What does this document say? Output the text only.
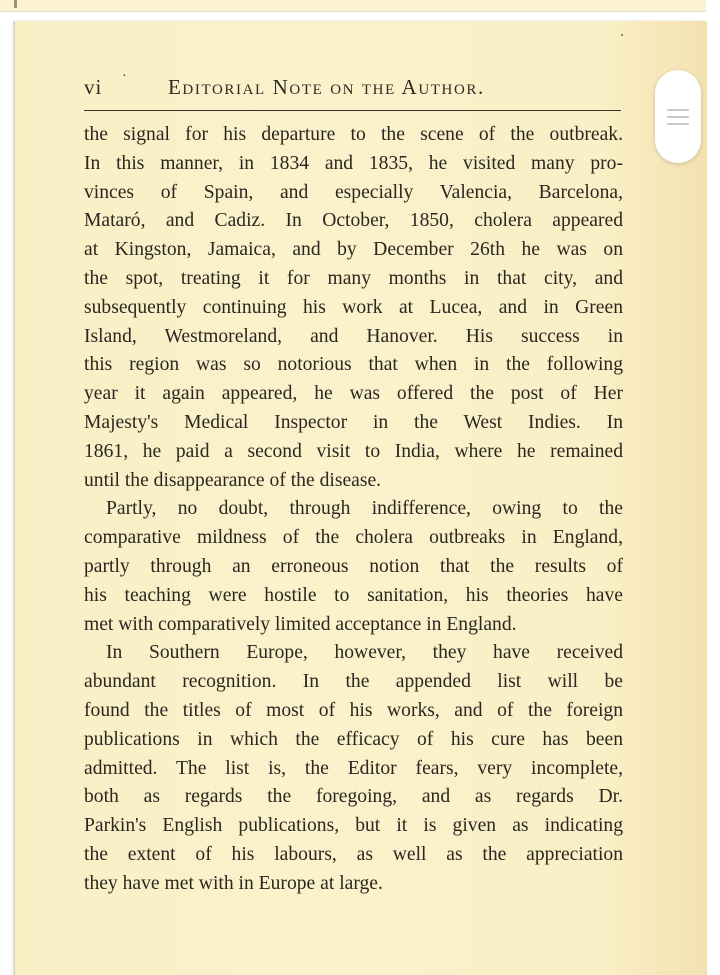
vi · Editorial Note on the Author.

the signal for his departure to the scene of the outbreak.
In this manner, in 1834 and 1835, he visited many pro-
vinces of Spain, and especially Valencia, Barcelona,
Mataró, and Cadiz. In October, 1850, cholera appeared
at Kingston, Jamaica, and by December 26th he was on
the spot, treating it for many months in that city, and
subsequently continuing his work at Lucea, and in Green
Island, Westmoreland, and Hanover. His success in
this region was so notorious that when in the following
year it again appeared, he was offered the post of Her
Majesty's Medical Inspector in the West Indies. In
1861, he paid a second visit to India, where he remained
until the disappearance of the disease.

Partly, no doubt, through indifference, owing to the
comparative mildness of the cholera outbreaks in England,
partly through an erroneous notion that the results of
his teaching were hostile to sanitation, his theories have
met with comparatively limited acceptance in England.

In Southern Europe, however, they have received
abundant recognition. In the appended list will be
found the titles of most of his works, and of the foreign
publications in which the efficacy of his cure has been
admitted. The list is, the Editor fears, very incomplete,
both as regards the foregoing, and as regards Dr.
Parkin's English publications, but it is given as indicating
the extent of his labours, as well as the appreciation
they have met with in Europe at large.
